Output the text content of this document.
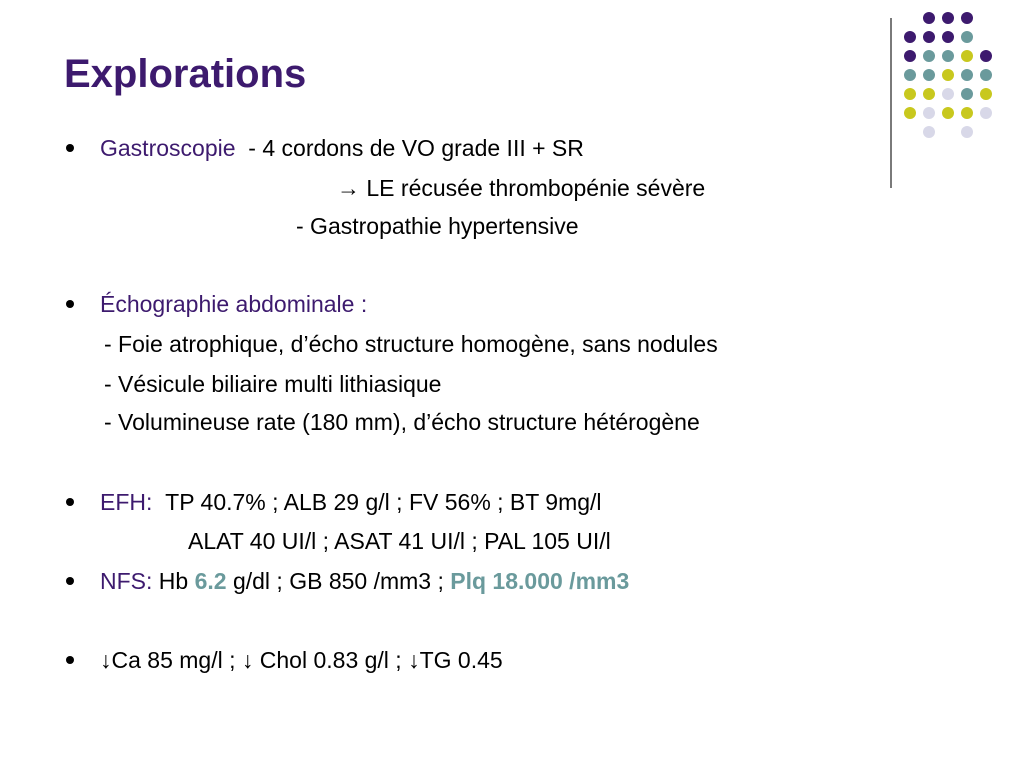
Explorations
Gastroscopie - 4 cordons de VO grade III + SR
→ LE récusée thrombopénie sévère
- Gastropathie hypertensive
Échographie abdominale :
- Foie atrophique, d’écho structure homogène, sans nodules
- Vésicule biliaire multi lithiasique
- Volumineuse rate (180 mm), d’écho structure hétérogène
EFH: TP 40.7% ; ALB 29 g/l ; FV 56% ; BT 9mg/l
ALAT 40 UI/l ; ASAT 41 UI/l ; PAL 105 UI/l
NFS: Hb 6.2 g/dl ; GB 850 /mm3 ; Plq 18.000 /mm3
↓Ca 85 mg/l ; ↓ Chol 0.83 g/l ; ↓TG 0.45
